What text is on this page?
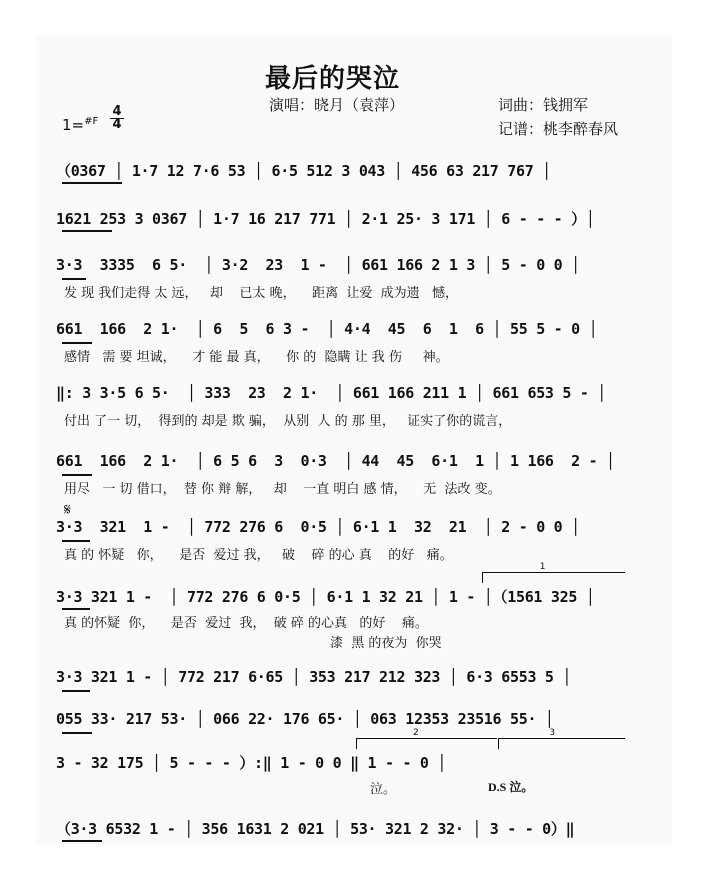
最后的哭泣
演唱：晓月（袁萍）	词曲：钱拥军
记谱：桃李醉春风
1=$^{\#F}$
4
4
（0367 │ 1·7 12 7·6 53 │ 6·5 512 3 043 │ 456 63 217 767 │
1621 253 3 0367 │ 1·7 16 217 771 │ 2·1 25· 3 171 │ 6 - - - ）│
3·3  3335  6 5·  │ 3·2  23  1 -  │ 661 166 2 1 3 │ 5 - 0 0 │
发 现 我们走得 太 远，   却    已太 晚，    距离  让爱  成为遗   憾，
661  166  2 1·  │ 6  5  6 3 -  │ 4·4  45  6  1  6 │ 55 5 - 0 │
感情   需 要 坦诚，    才 能 最 真，    你 的  隐瞒 让 我 伤     神。
‖: 3 3·5 6 5·  │ 333  23  2 1·  │ 661 166 211 1 │ 661 653 5 - │
付出 了一 切，  得到的 却是 欺 骗，  从别  人 的 那 里，   证实了你的谎言，
661  166  2 1·  │ 6 5 6  3  0·3  │ 44  45  6·1  1 │ 1 166  2 - │
用尽   一 切 借口，  替 你 辩 解，   却    一直 明白 感 情，    无  法改 变。
𝄋
3·3  321  1 -  │ 772 276 6  0·5 │ 6·1 1  32  21  │ 2 - 0 0 │
真 的 怀疑   你，    是否  爱过 我，   破    碎 的心 真    的好   痛。
1
3·3 321 1 -  │ 772 276 6 0·5 │ 6·1 1 32 21 │ 1 - │（1561 325 │
真 的怀疑  你，    是否  爱过  我，  破 碎 的心真   的好    痛。
漆  黑 的夜为  你哭
3·3 321 1 - │ 772 217 6·65 │ 353 217 212 323 │ 6·3 6553 5 │
055 33· 217 53· │ 066 22· 176 65· │ 063 12353 23516 55· │
2	3
3 - 32 175 │ 5 - - - ）:‖ 1 - 0 0 ‖ 1 - - 0 │
泣。	D.S 泣。
（3·3 6532 1 - │ 356 1631 2 021 │ 53· 321 2 32· │ 3 - - 0）‖
